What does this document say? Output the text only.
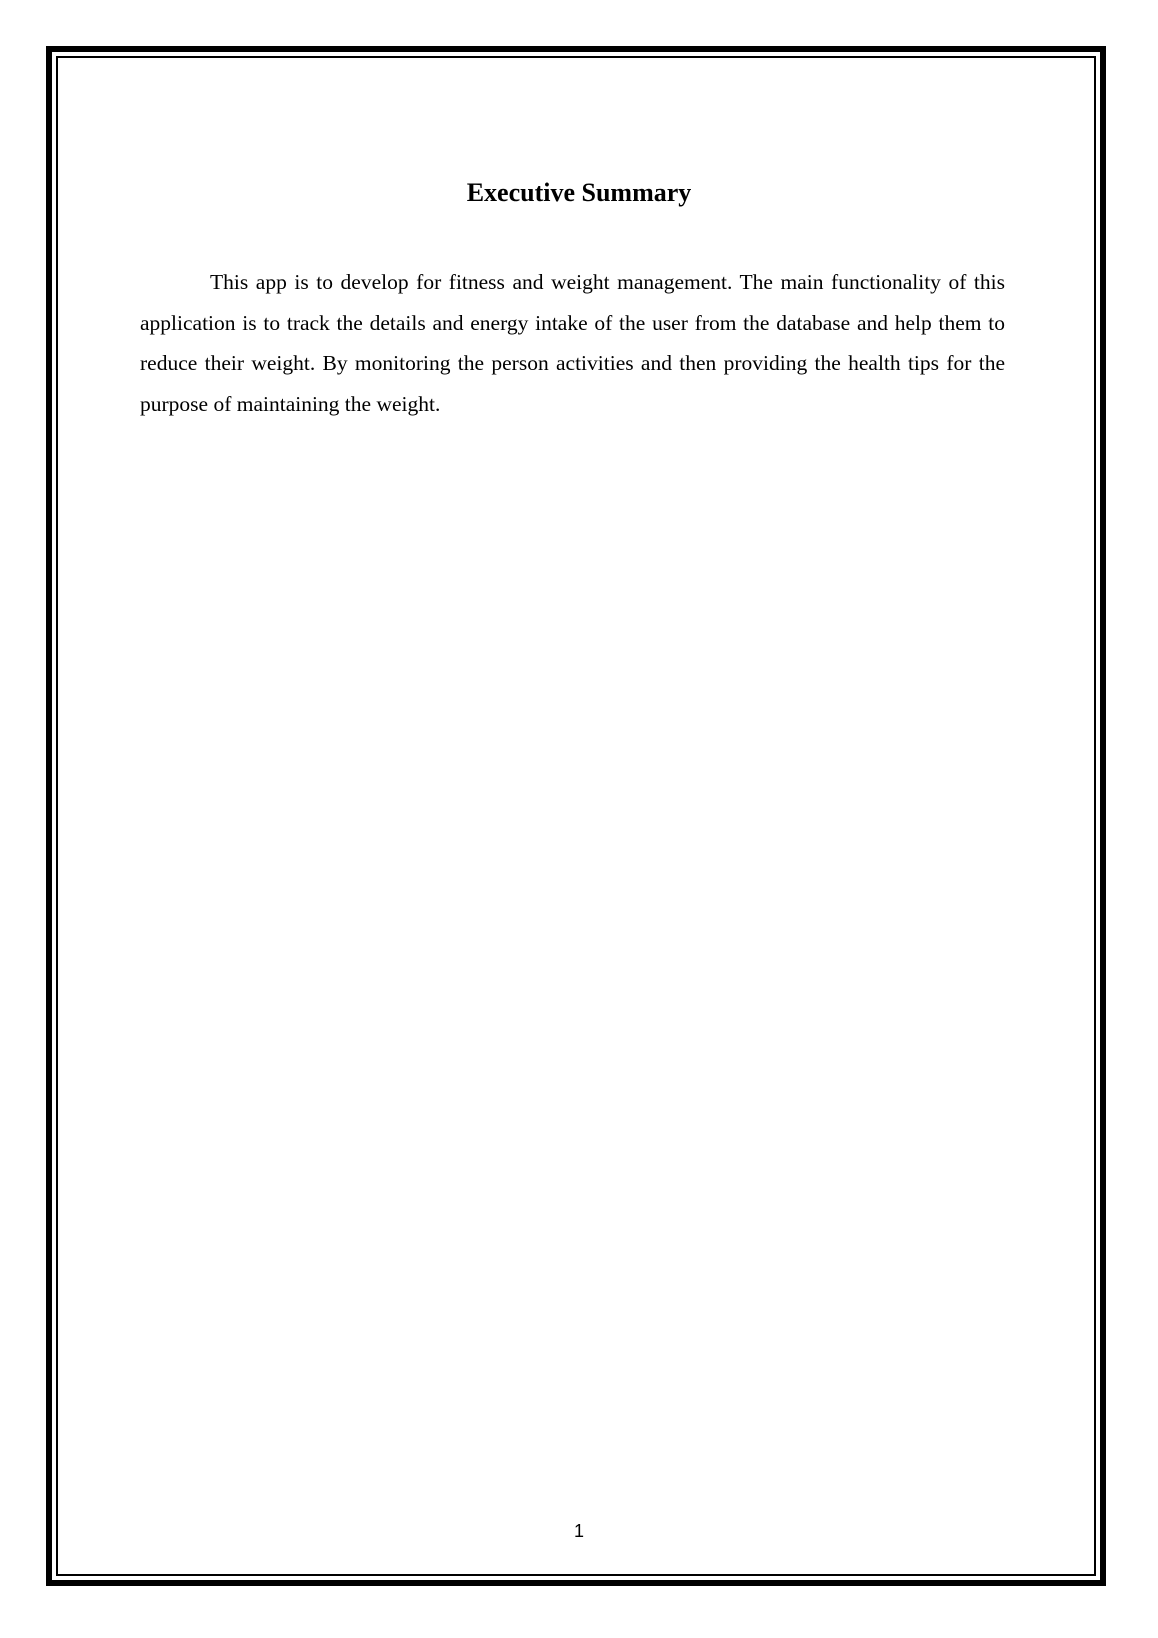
Executive Summary

This app is to develop for fitness and weight management. The main functionality of this application is to track the details and energy intake of the user from the database and help them to reduce their weight. By monitoring the person activities and then providing the health tips for the purpose of maintaining the weight.

1
